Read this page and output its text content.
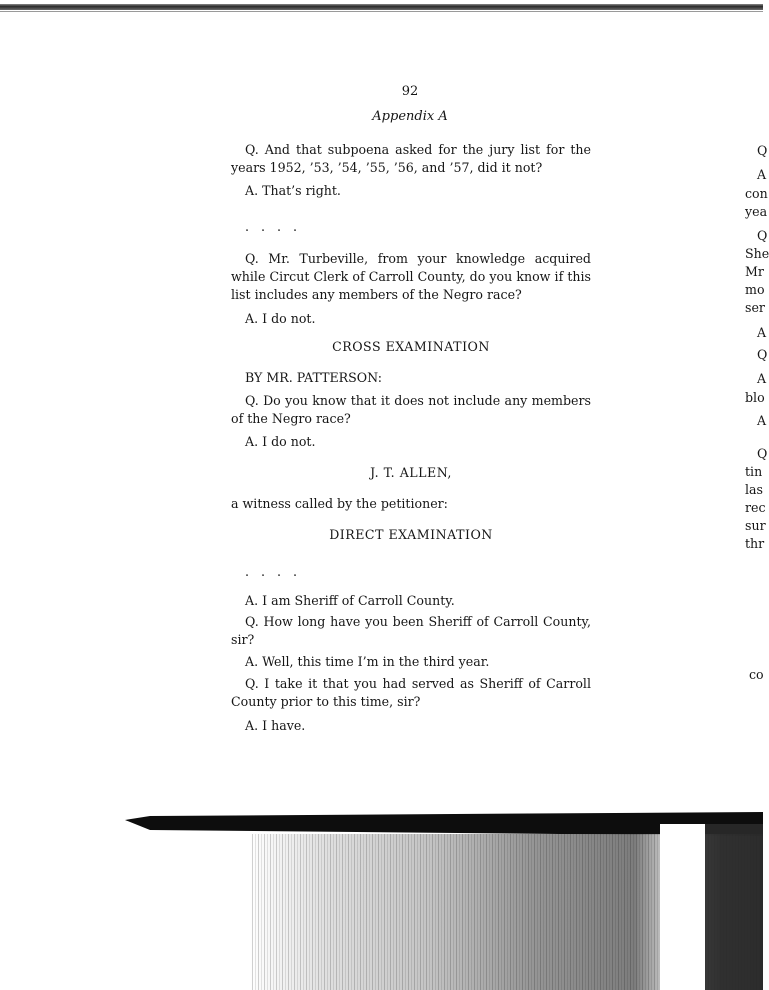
92
Appendix A

Q. And that subpoena asked for the jury list for the years 1952, ’53, ’54, ’55, ’56, and ’57, did it not?

A. That’s right.

. . . .

Q. Mr. Turbeville, from your knowledge acquired while Circut Clerk of Carroll County, do you know if this list includes any members of the Negro race?

A. I do not.

CROSS EXAMINATION

BY MR. PATTERSON:

Q. Do you know that it does not include any members of the Negro race?

A. I do not.

J. T. ALLEN,

a witness called by the petitioner:

DIRECT EXAMINATION

. . . .

A. I am Sheriff of Carroll County.

Q. How long have you been Sheriff of Carroll County, sir?

A. Well, this time I’m in the third year.

Q. I take it that you had served as Sheriff of Carroll County prior to this time, sir?

A. I have.

Q
A
con
yea
Q
She
Mr
mo
ser
A
Q
A
blo
A
Q
tin
las
rec
sur
thr
co
